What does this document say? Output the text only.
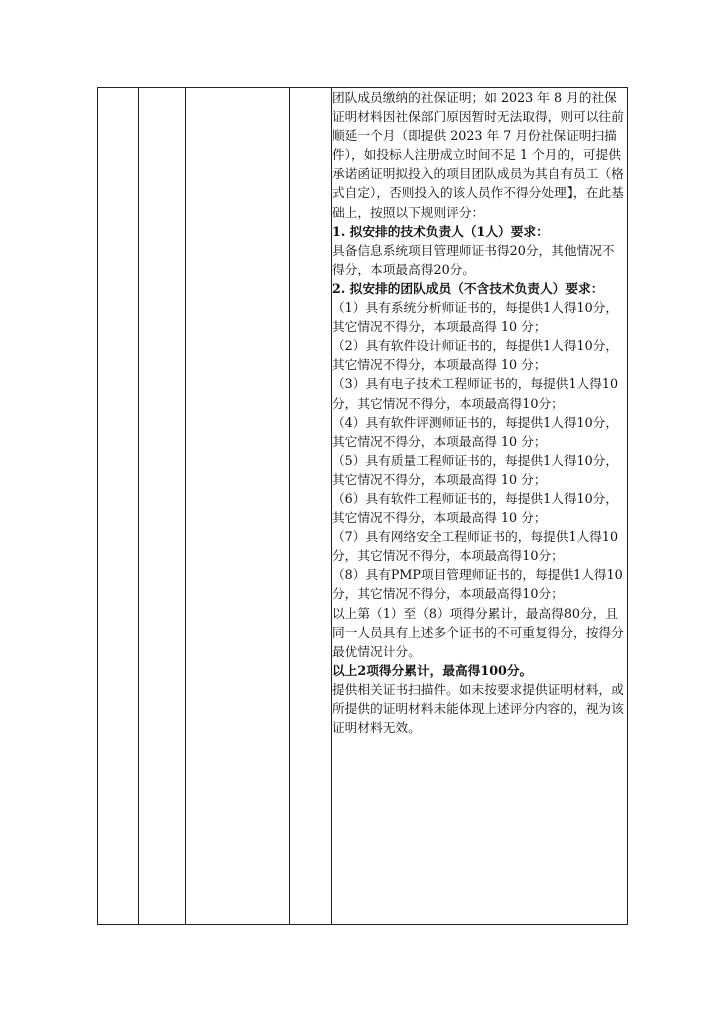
团队成员缴纳的社保证明；如 2023 年 8 月的社保证明材料因社保部门原因暂时无法取得，则可以往前顺延一个月（即提供 2023 年 7 月份社保证明扫描件），如投标人注册成立时间不足 1 个月的，可提供承诺函证明拟投入的项目团队成员为其自有员工（格式自定），否则投入的该人员作不得分处理】，在此基础上，按照以下规则评分：

1. 拟安排的技术负责人（1人）要求：

具备信息系统项目管理师证书得20分，其他情况不得分，本项最高得20分。

2. 拟安排的团队成员（不含技术负责人）要求：

（1）具有系统分析师证书的，每提供1人得10分，其它情况不得分，本项最高得 10 分；

（2）具有软件设计师证书的，每提供1人得10分，其它情况不得分，本项最高得 10 分；

（3）具有电子技术工程师证书的，每提供1人得10分，其它情况不得分，本项最高得10分；

（4）具有软件评测师证书的，每提供1人得10分，其它情况不得分，本项最高得 10 分；

（5）具有质量工程师证书的，每提供1人得10分，其它情况不得分，本项最高得 10 分；

（6）具有软件工程师证书的，每提供1人得10分，其它情况不得分，本项最高得 10 分；

（7）具有网络安全工程师证书的，每提供1人得10分，其它情况不得分，本项最高得10分；

（8）具有PMP项目管理师证书的，每提供1人得10分，其它情况不得分，本项最高得10分；

以上第（1）至（8）项得分累计，最高得80分，且同一人员具有上述多个证书的不可重复得分，按得分最优情况计分。

以上2项得分累计，最高得100分。

提供相关证书扫描件。如未按要求提供证明材料，或所提供的证明材料未能体现上述评分内容的，视为该证明材料无效。
